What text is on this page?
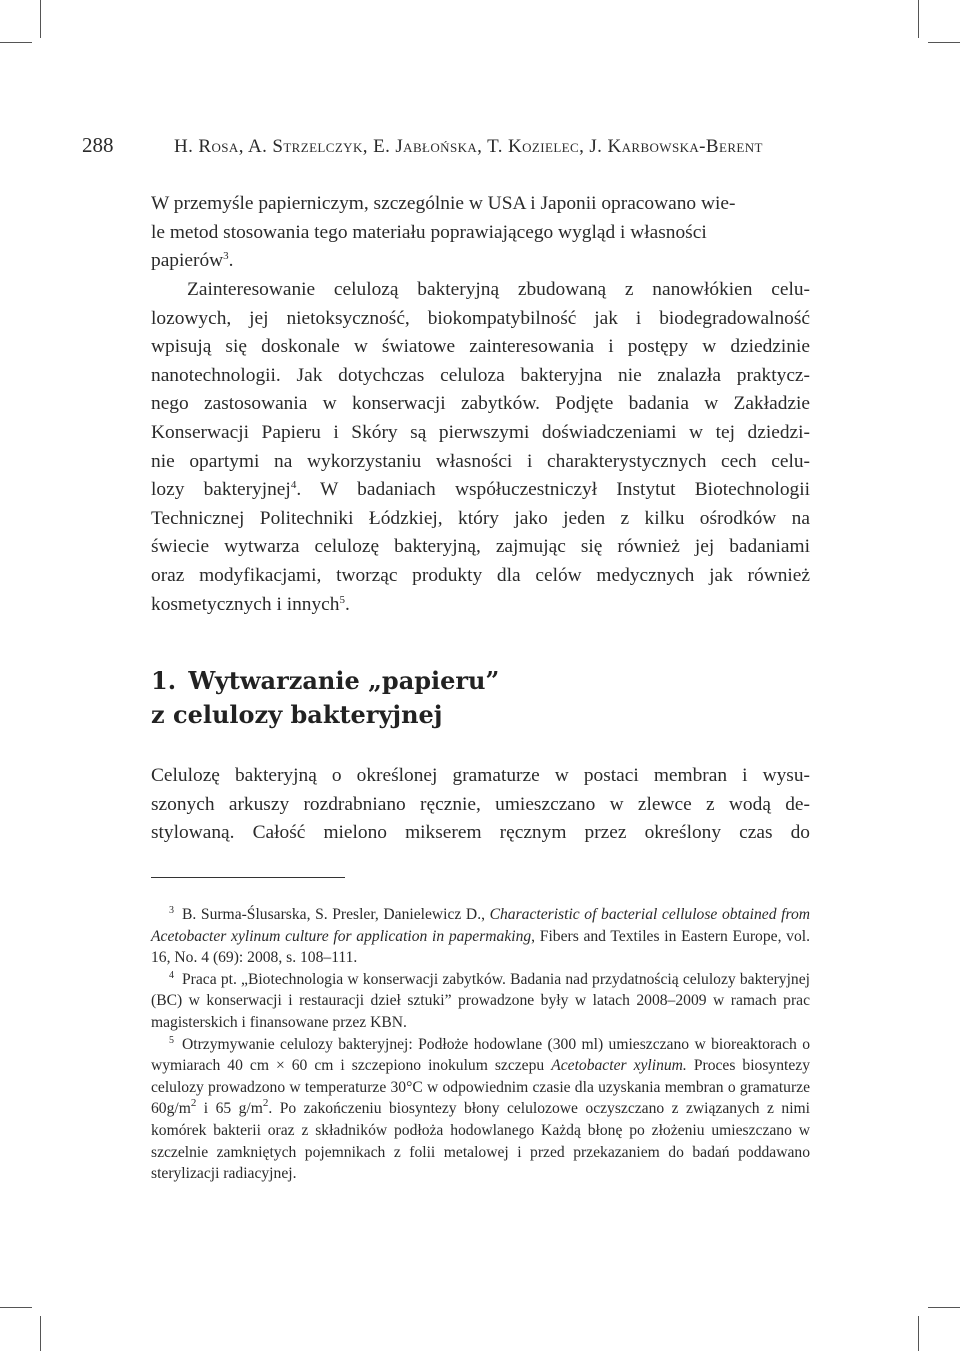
288	H. Rosa, A. Strzelczyk, E. Jabłońska, T. Kozielec, J. Karbowska-Berent

W przemyśle papierniczym, szczególnie w USA i Japonii opracowano wie-
le metod stosowania tego materiału poprawiającego wygląd i własności
papierów$^3$.

Zainteresowanie celulozą bakteryjną zbudowaną z nanowłókien celu-

lozowych, jej nietoksyczność, biokompatybilność jak i biodegradowalność

wpisują się doskonale w światowe zainteresowania i postępy w dziedzinie

nanotechnologii. Jak dotychczas celuloza bakteryjna nie znalazła praktycz-

nego zastosowania w konserwacji zabytków. Podjęte badania w Zakładzie

Konserwacji Papieru i Skóry są pierwszymi doświadczeniami w tej dziedzi-

nie opartymi na wykorzystaniu własności i charakterystycznych cech celu-

lozy bakteryjnej$^4$. W badaniach współuczestniczył Instytut Biotechnologii

Technicznej Politechniki Łódzkiej, który jako jeden z kilku ośrodków na

świecie wytwarza celulozę bakteryjną, zajmując się również jej badaniami

oraz modyfikacjami, tworząc produkty dla celów medycznych jak również

kosmetycznych i innych$^5$.

1. Wytwarzanie „papieru”
z celulozy bakteryjnej

Celulozę bakteryjną o określonej gramaturze w postaci membran i wysu-

szonych arkuszy rozdrabniano ręcznie, umieszczano w zlewce z wodą de-

stylowaną. Całość mielono mikserem ręcznym przez określony czas do

$^3$ B. Surma-Ślusarska, S. Presler, Danielewicz D., Characteristic of bacterial cellulose obtained from Acetobacter xylinum culture for application in papermaking, Fibers and Textiles in Eastern Europe, vol. 16, No. 4 (69): 2008, s. 108–111.

$^4$ Praca pt. „Biotechnologia w konserwacji zabytków. Badania nad przydatnością celulozy bakteryjnej (BC) w konserwacji i restauracji dzieł sztuki” prowadzone były w latach 2008–2009 w ramach prac magisterskich i finansowane przez KBN.

$^5$ Otrzymywanie celulozy bakteryjnej: Podłoże hodowlane (300 ml) umieszczano w bioreaktorach o wymiarach 40 cm × 60 cm i szczepiono inokulum szczepu Acetobacter xylinum. Proces biosyntezy celulozy prowadzono w temperaturze 30°C w odpowiednim czasie dla uzyskania membran o gramaturze $60g/m^2$ i 65 $g/m^2$. Po zakończeniu biosyntezy błony celulozowe oczyszczano z związanych z nimi komórek bakterii oraz z składników podłoża hodowlanego Każdą błonę po złożeniu umieszczano w szczelnie zamkniętych pojemnikach z folii metalowej i przed przekazaniem do badań poddawano sterylizacji radiacyjnej.
